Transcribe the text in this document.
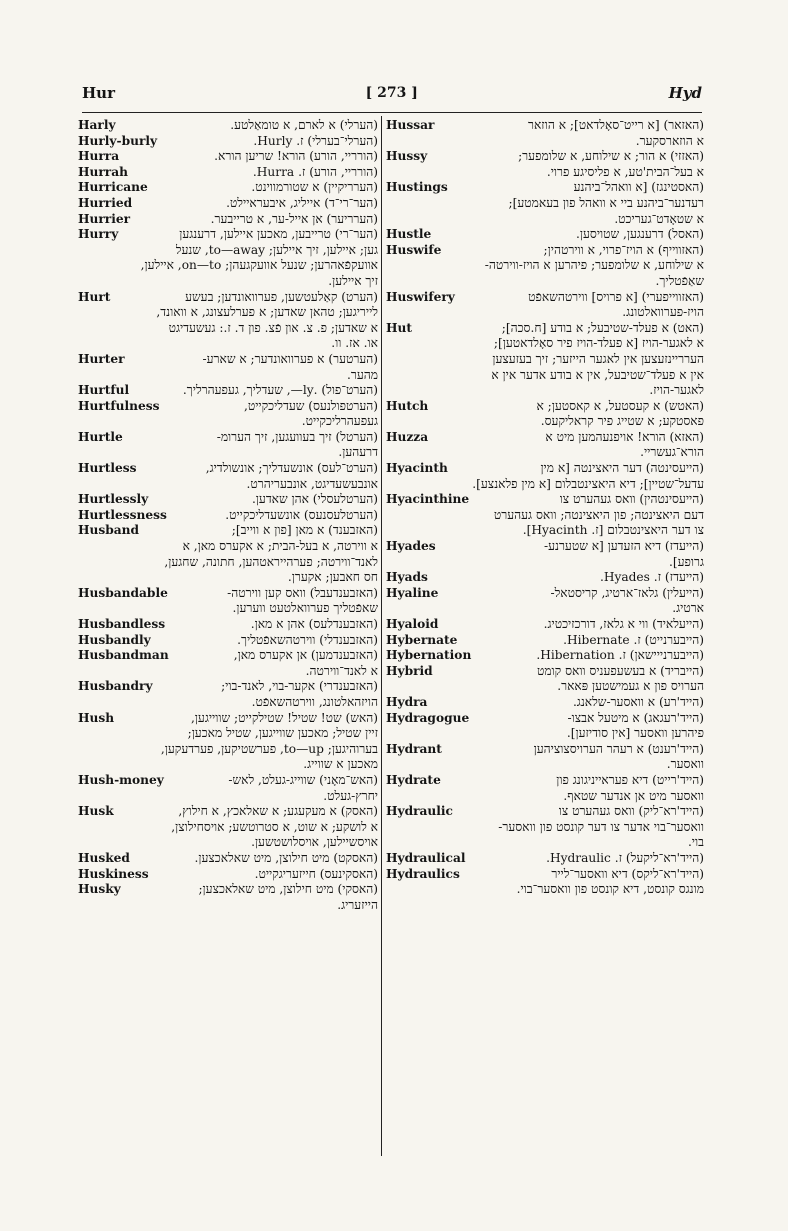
Hur	[ 273 ]	Hyd
Harly	(הערלי) א לארם, א טומאַלטע.
Hurly-burly	(הערלי־בערלי) ז. Hurly.
Hurra	(הורריי, הורע) הורא! שריען הורא.
Hurrah	(הורריי, הורע) ז. Hurra.
Hurricane	(הערריקיין) א שטורמווינט.
Hurried	(הער־רי־ד) אייליג, איבעראיילט.
Hurrier	(הערריער) אן אייל-ער, א טרייבער.
Hurry	(הער־רי) טרייבען, מאכען איילען, דרענגען
גען; איילען, זיך איילען; to—away, שנעל
אוועקפֿאהרען; שנעל אוועקגעהן; on—to, איילען,
זיך איילען.
Hurt	(הערט) קאַלעטשען, פערוואונדען; בעשע
לייריגען; טהאן שאדען; א פערלעצונג, א וואונד,
א שאדען; פ. צ. און פֿצ. פון ד. ז.: געשעדיגט
או. אז. וו.
Hurter	(הערטער) א פערוואונדער; א שארע-
מהער.
Hurtful	(הערט־פול) .ly—, שעדליך, געפעהרליך.
Hurtfulness	(הערטפולנעס) שעדליכקייט,
געפעהרליכקייט.
Hurtle	(הערטל) זיך בעוועגען, זיך הערומ-
דרעהען.
Hurtless	(הערט־לעס) אונשעדליך; אונשולדיג,
אונבעשעדיגט, אונבעריהרט.
Hurtlessly	(הערטלעסלי) אהן שאדען.
Hurtlessness	(הערטלעסנעס) אונשעדליכקייט.
Husband	(האזבענד) א מאן [פון א ווייב];
א ווירטה, א בעל-הבית; א אקערס מאן, א
לאנד־ווירטה; פערהייראטהען, חתונה, שחגען,
חס חאבען; אקערן.
Husbandable	(האזבענדעבל) וואס קען ווירטה-
שאפֿטליך פערוואלטעט ווערען.
Husbandless	(האזבענדלעס) אהן א מאן.
Husbandly	(האזבענדלי) ווירטהשאפֿטליך.
Husbandman	(האזבענדמען) אן אקערס מאן,
א לאנד־ווירטה.
Husbandry	(האזבענדרי) אקער-בוי, לאנד-בוי;
הויזהאלטונג, ווירטהשאפֿט.
Hush	(האש) שט! שטיל! שטילקייט; שווייגען,
זיין שטיל; מאכען שווייגען, שטיל מאכען;
בערוהיגען; to—up, פערשטיקען, פערדעקען,
מאכען א שווייג.
Hush-money	(האש־מאָני) שווייג-געלט, לאש-
יחרץ-געלט.
Husk	(האסק) א מעקעגע; א שאלאכץ, א חילוץ,
א לושקע; א שוט, א סטרוטשע; אויסחילוצן,
אויסשיילען, אויסלושטשען.
Husked	(האסקט) מיט חילוצן, מיט שאלאכצען.
Huskiness	(האסקינעס) חייזעריגקייט.
Husky	(האסקי) מיט חילוצן, מיט שאלאכצען;
הייזעריג.
Hussar	(האזאר) [א רייט־סאָלדאט]; א הוזאר
א הוזארסקער.
Hussy	(האזזי) א הור; א שילוחע, א שלומפער;
א בעל־הבית'טע, א פליסיגע פרוי.
Hustings	(האסטינגז) [א וואהל־ביהנע
רעדנער־ביהנע ביי א וואהל פון בעאמטע];
א שטאָדט־געריכט.
Hustle	(האסל) דרענגען, שטויסען.
Huswife	(האזווייף) א הויז־פרוי, א ווירטהין;
א שילוחע, א שלומפער; פיהרען א הויז-ווירטה-
שאַפֿטליך.
Huswifery	(האזווייפערי) [א פרויס] ווירטהשאפֿט
הויז-פערוואלטונג.
Hut	(האט) א פעלד-שטיבעל; א בודע [ח.סכה];
א לאגער-הויז [א פעלד-הויז פיר סאָלדאטען];
הערריינזעצען אין לאגער הייזער; זיך בעזעצען
אין א פעלד־שטיבעל, אין א בודע אדער אין א
לאגער-הויז.
Hutch	(האטש) א קעסטעל, א קאסטען; א
פאסטקע; א שטייג פיר קראליקעס.
Huzza	(האזא) הורא! אויפנעהמען מיט א
הורא־געשריי.
Hyacinth	(הייעסינטה) דער היאצינטה [א מין
עדעל־שטיין]; דיא היאצינטבלום [א מין פלאנצע].
Hyacinthine	(הייעסינטהין) וואס געהערט צו
דעם היאצינטה; פון היאצינטה; וואס געהערט
צו דער היאצינטבלום [ז. Hyacinth].
Hyades	(הייעדז) דיא הזעדען [א שטערנע-
גרופע].
Hyads	(הייעדז) ז. Hyades.
Hyaline	(הייעלין) גלאז־ארטיג, קריסטאל-
ארטיג.
Hyaloid	(הייעלאיד) ווי א גלאז, דורכזיכטיג.
Hybernate	(הייבערנייט) ז. Hibernate.
Hybernation	(הייבערנייישאן) ז. Hibernation.
Hybrid	(הייבריד) א בעשעפעניס וואס קומט
הערויס פון א געמישטען פּאאר.
Hydra	(הייד'רע) א וואסער-שלאנג.
Hydragogue	(הייד'רעגאג) א מיטעל אבצו-
פיהרען וואסער [אין סודיזען].
Hydrant	(הייד'רענט) א רעהר הערויסצוציהען
וואסער.
Hydrate	(הייד'רייט) דיא פעראייניגונג פון
וואסער מיט אן אנדער שטאף.
Hydraulic	(הייד'רא־ליק) וואס געהערט צו
וואסער־בוי אדער צו דער קונסט פון וואסער-
בוי.
Hydraulical	(הייד'רא־ליקעל) ז. Hydraulic.
Hydraulics	(הייד'רא־ליקס) דיא וואסער־לייר
מונגס קונסט, דיא קונסט פון וואסער־בוי.
